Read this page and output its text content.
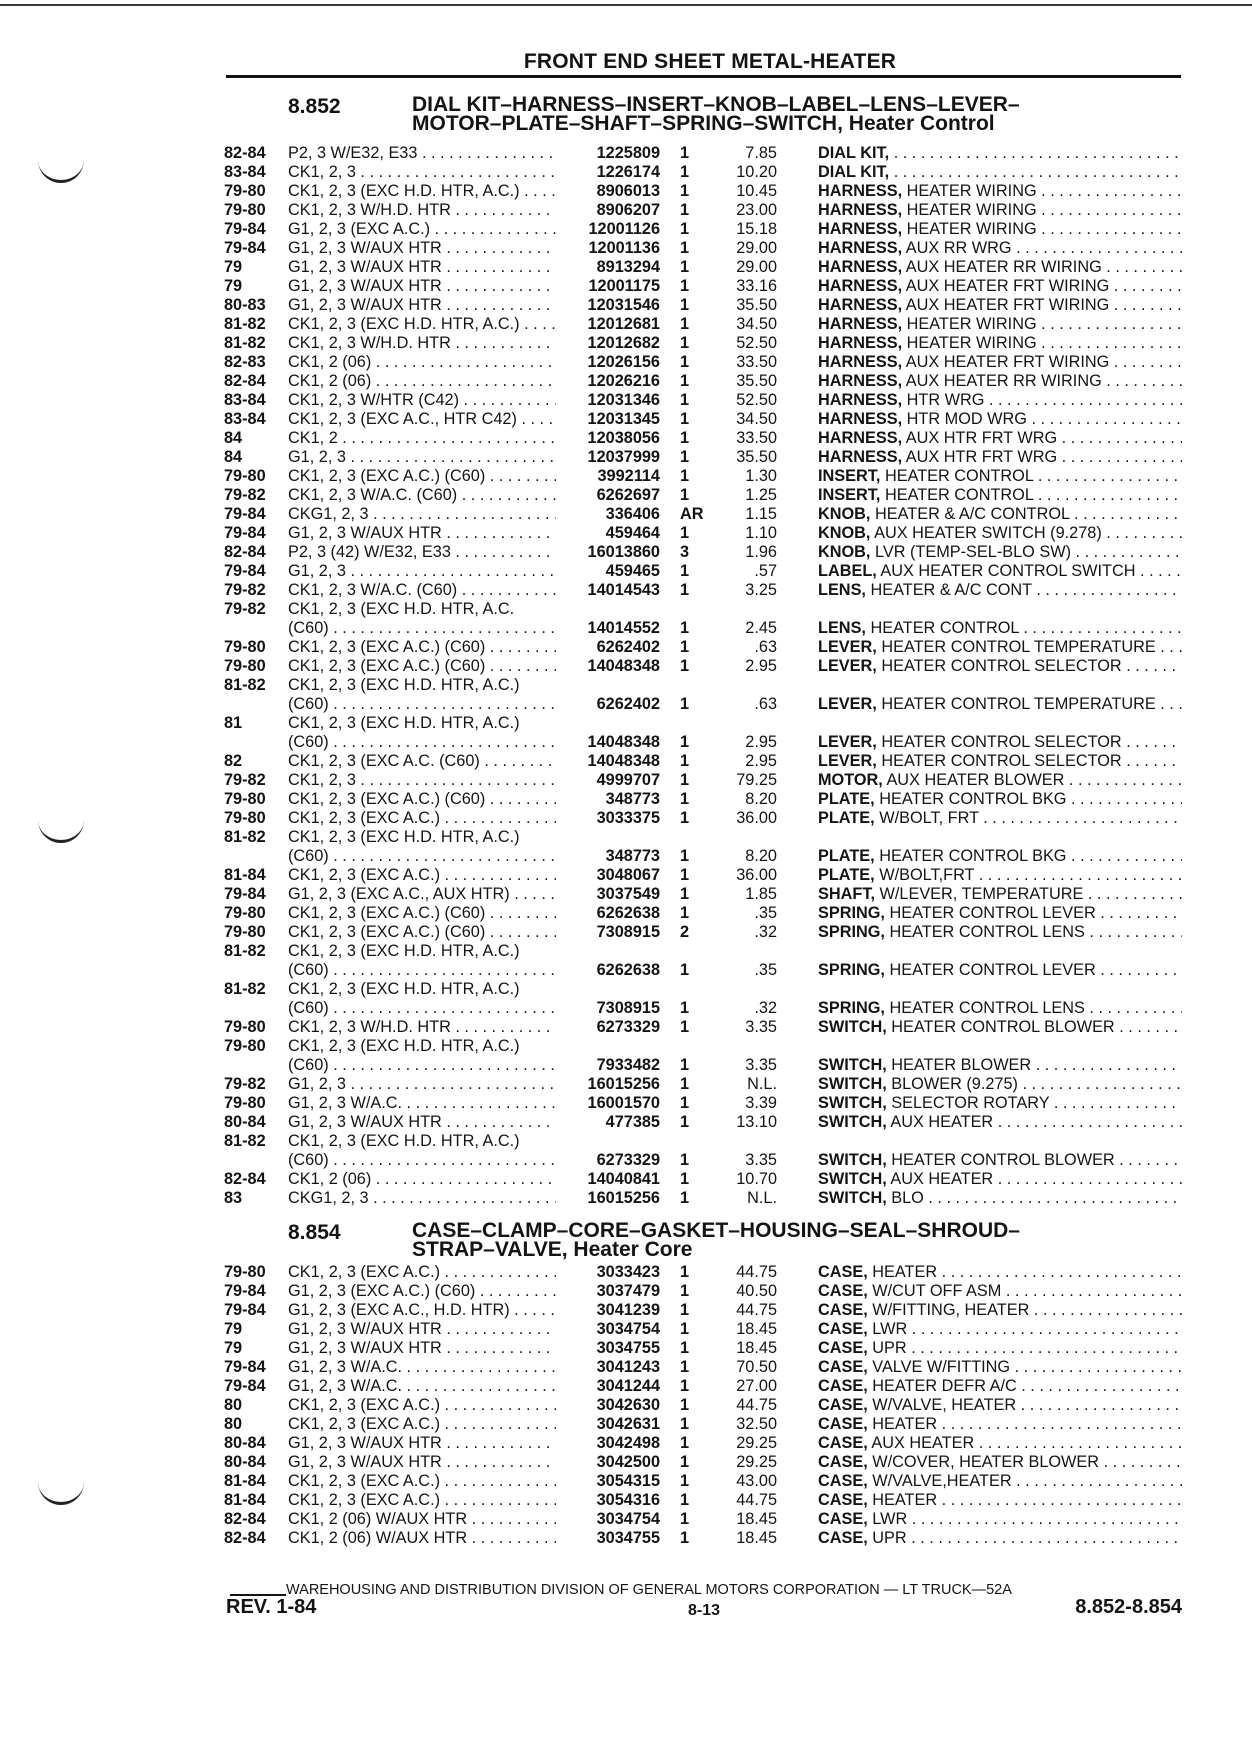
FRONT END SHEET METAL-HEATER
8.852	DIAL KIT–HARNESS–INSERT–KNOB–LABEL–LENS–LEVER–
MOTOR–PLATE–SHAFT–SPRING–SWITCH, Heater Control
82-84	P2, 3 W/E32, E33 . . .	1225809 1	7.85	DIAL KIT, . . .
83-84	CK1, 2, 3 . . .	1226174 1	10.20	DIAL KIT, . . .
79-80	CK1, 2, 3 (EXC H.D. HTR, A.C.) . . .	8906013 1	10.45	HARNESS, HEATER WIRING . . .
79-80	CK1, 2, 3 W/H.D. HTR . . .	8906207 1	23.00	HARNESS, HEATER WIRING . . .
79-84	G1, 2, 3 (EXC A.C.) . . .	12001126 1	15.18	HARNESS, HEATER WIRING . . .
79-84	G1, 2, 3 W/AUX HTR . . .	12001136 1	29.00	HARNESS, AUX RR WRG . . .
79	G1, 2, 3 W/AUX HTR . . .	8913294 1	29.00	HARNESS, AUX HEATER RR WIRING . . .
79	G1, 2, 3 W/AUX HTR . . .	12001175 1	33.16	HARNESS, AUX HEATER FRT WIRING . . .
80-83	G1, 2, 3 W/AUX HTR . . .	12031546 1	35.50	HARNESS, AUX HEATER FRT WIRING . . .
81-82	CK1, 2, 3 (EXC H.D. HTR, A.C.) . . .	12012681 1	34.50	HARNESS, HEATER WIRING . . .
81-82	CK1, 2, 3 W/H.D. HTR . . .	12012682 1	52.50	HARNESS, HEATER WIRING . . .
82-83	CK1, 2 (06) . . .	12026156 1	33.50	HARNESS, AUX HEATER FRT WIRING . . .
82-84	CK1, 2 (06) . . .	12026216 1	35.50	HARNESS, AUX HEATER RR WIRING . . .
83-84	CK1, 2, 3 W/HTR (C42) . . .	12031346 1	52.50	HARNESS, HTR WRG . . .
83-84	CK1, 2, 3 (EXC A.C., HTR C42) . . .	12031345 1	34.50	HARNESS, HTR MOD WRG . . .
84	CK1, 2 . . .	12038056 1	33.50	HARNESS, AUX HTR FRT WRG . . .
84	G1, 2, 3 . . .	12037999 1	35.50	HARNESS, AUX HTR FRT WRG . . .
79-80	CK1, 2, 3 (EXC A.C.) (C60) . . .	3992114 1	1.30	INSERT, HEATER CONTROL . . .
79-82	CK1, 2, 3 W/A.C. (C60) . . .	6262697 1	1.25	INSERT, HEATER CONTROL . . .
79-84	CKG1, 2, 3 . . .	336406 AR	1.15	KNOB, HEATER & A/C CONTROL . . .
79-84	G1, 2, 3 W/AUX HTR . . .	459464 1	1.10	KNOB, AUX HEATER SWITCH (9.278) . . .
82-84	P2, 3 (42) W/E32, E33 . . .	16013860 3	1.96	KNOB, LVR (TEMP-SEL-BLO SW) . . .
79-84	G1, 2, 3 . . .	459465 1	.57	LABEL, AUX HEATER CONTROL SWITCH . . .
79-82	CK1, 2, 3 W/A.C. (C60) . . .	14014543 1	3.25	LENS, HEATER & A/C CONT . . .
79-82	CK1, 2, 3 (EXC H.D. HTR, A.C.
(C60) . . .	14014552 1	2.45	LENS, HEATER CONTROL . . .
79-80	CK1, 2, 3 (EXC A.C.) (C60) . . .	6262402 1	.63	LEVER, HEATER CONTROL TEMPERATURE . . .
79-80	CK1, 2, 3 (EXC A.C.) (C60) . . .	14048348 1	2.95	LEVER, HEATER CONTROL SELECTOR . . .
81-82	CK1, 2, 3 (EXC H.D. HTR, A.C.)
(C60) . . .	6262402 1	.63	LEVER, HEATER CONTROL TEMPERATURE . . .
81	CK1, 2, 3 (EXC H.D. HTR, A.C.)
(C60) . . .	14048348 1	2.95	LEVER, HEATER CONTROL SELECTOR . . .
82	CK1, 2, 3 (EXC A.C. (C60) . . .	14048348 1	2.95	LEVER, HEATER CONTROL SELECTOR . . .
79-82	CK1, 2, 3 . . .	4999707 1	79.25	MOTOR, AUX HEATER BLOWER . . .
79-80	CK1, 2, 3 (EXC A.C.) (C60) . . .	348773 1	8.20	PLATE, HEATER CONTROL BKG . . .
79-80	CK1, 2, 3 (EXC A.C.) . . .	3033375 1	36.00	PLATE, W/BOLT, FRT . . .
81-82	CK1, 2, 3 (EXC H.D. HTR, A.C.)
(C60) . . .	348773 1	8.20	PLATE, HEATER CONTROL BKG . . .
81-84	CK1, 2, 3 (EXC A.C.) . . .	3048067 1	36.00	PLATE, W/BOLT,FRT . . .
79-84	G1, 2, 3 (EXC A.C., AUX HTR) . . .	3037549 1	1.85	SHAFT, W/LEVER, TEMPERATURE . . .
79-80	CK1, 2, 3 (EXC A.C.) (C60) . . .	6262638 1	.35	SPRING, HEATER CONTROL LEVER . . .
79-80	CK1, 2, 3 (EXC A.C.) (C60) . . .	7308915 2	.32	SPRING, HEATER CONTROL LENS . . .
81-82	CK1, 2, 3 (EXC H.D. HTR, A.C.)
(C60) . . .	6262638 1	.35	SPRING, HEATER CONTROL LEVER . . .
81-82	CK1, 2, 3 (EXC H.D. HTR, A.C.)
(C60) . . .	7308915 1	.32	SPRING, HEATER CONTROL LENS . . .
79-80	CK1, 2, 3 W/H.D. HTR . . .	6273329 1	3.35	SWITCH, HEATER CONTROL BLOWER . . .
79-80	CK1, 2, 3 (EXC H.D. HTR, A.C.)
(C60) . . .	7933482 1	3.35	SWITCH, HEATER BLOWER . . .
79-82	G1, 2, 3 . . .	16015256 1	N.L.	SWITCH, BLOWER (9.275) . . .
79-80	G1, 2, 3 W/A.C. . . .	16001570 1	3.39	SWITCH, SELECTOR ROTARY . . .
80-84	G1, 2, 3 W/AUX HTR . . .	477385 1	13.10	SWITCH, AUX HEATER . . .
81-82	CK1, 2, 3 (EXC H.D. HTR, A.C.)
(C60) . . .	6273329 1	3.35	SWITCH, HEATER CONTROL BLOWER . . .
82-84	CK1, 2 (06) . . .	14040841 1	10.70	SWITCH, AUX HEATER . . .
83	CKG1, 2, 3 . . .	16015256 1	N.L.	SWITCH, BLO . . .
8.854	CASE–CLAMP–CORE–GASKET–HOUSING–SEAL–SHROUD–
STRAP–VALVE, Heater Core
79-80	CK1, 2, 3 (EXC A.C.) . . .	3033423 1	44.75	CASE, HEATER . . .
79-84	G1, 2, 3 (EXC A.C.) (C60) . . .	3037479 1	40.50	CASE, W/CUT OFF ASM . . .
79-84	G1, 2, 3 (EXC A.C., H.D. HTR) . . .	3041239 1	44.75	CASE, W/FITTING, HEATER . . .
79	G1, 2, 3 W/AUX HTR . . .	3034754 1	18.45	CASE, LWR . . .
79	G1, 2, 3 W/AUX HTR . . .	3034755 1	18.45	CASE, UPR . . .
79-84	G1, 2, 3 W/A.C. . . .	3041243 1	70.50	CASE, VALVE W/FITTING . . .
79-84	G1, 2, 3 W/A.C. . . .	3041244 1	27.00	CASE, HEATER DEFR A/C . . .
80	CK1, 2, 3 (EXC A.C.) . . .	3042630 1	44.75	CASE, W/VALVE, HEATER . . .
80	CK1, 2, 3 (EXC A.C.) . . .	3042631 1	32.50	CASE, HEATER . . .
80-84	G1, 2, 3 W/AUX HTR . . .	3042498 1	29.25	CASE, AUX HEATER . . .
80-84	G1, 2, 3 W/AUX HTR . . .	3042500 1	29.25	CASE, W/COVER, HEATER BLOWER . . .
81-84	CK1, 2, 3 (EXC A.C.) . . .	3054315 1	43.00	CASE, W/VALVE,HEATER . . .
81-84	CK1, 2, 3 (EXC A.C.) . . .	3054316 1	44.75	CASE, HEATER . . .
82-84	CK1, 2 (06) W/AUX HTR . . .	3034754 1	18.45	CASE, LWR . . .
82-84	CK1, 2 (06) W/AUX HTR . . .	3034755 1	18.45	CASE, UPR . . .
WAREHOUSING AND DISTRIBUTION DIVISION OF GENERAL MOTORS CORPORATION — LT TRUCK—52A
REV. 1-84	8-13	8.852-8.854
